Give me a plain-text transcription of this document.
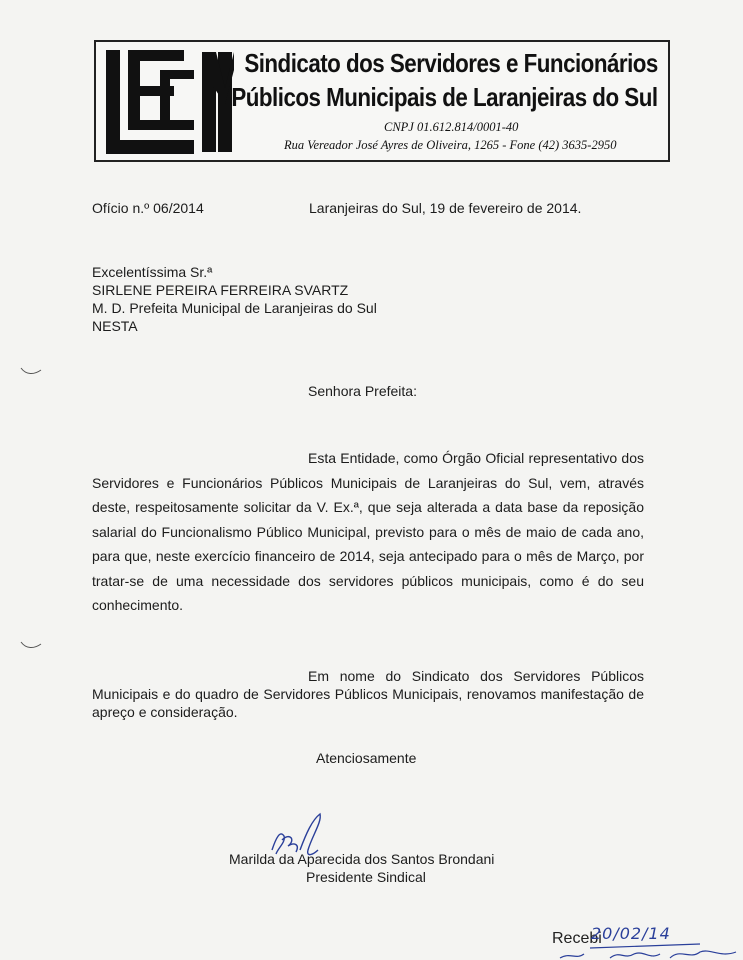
Sindicato dos Servidores e Funcionários
Públicos Municipais de Laranjeiras do Sul
CNPJ 01.612.814/0001-40
Rua Vereador José Ayres de Oliveira, 1265 - Fone (42) 3635-2950
Ofício n.º 06/2014	Laranjeiras do Sul, 19 de fevereiro de 2014.
Excelentíssima Sr.ª
SIRLENE PEREIRA FERREIRA SVARTZ
M. D. Prefeita Municipal de Laranjeiras do Sul
NESTA
Senhora Prefeita:
Esta Entidade, como Órgão Oficial representativo dos Servidores e Funcionários Públicos Municipais de Laranjeiras do Sul, vem, através deste, respeitosamente solicitar da V. Ex.ª, que seja alterada a data base da reposição salarial do Funcionalismo Público Municipal, previsto para o mês de maio de cada ano, para que, neste exercício financeiro de 2014, seja antecipado para o mês de Março, por tratar-se de uma necessidade dos servidores públicos municipais, como é do seu conhecimento.
Em nome do Sindicato dos Servidores Públicos Municipais e do quadro de Servidores Públicos Municipais, renovamos manifestação de apreço e consideração.
Atenciosamente
Marilda da Aparecida dos Santos Brondani
Presidente Sindical
Recebi
20/02/14
